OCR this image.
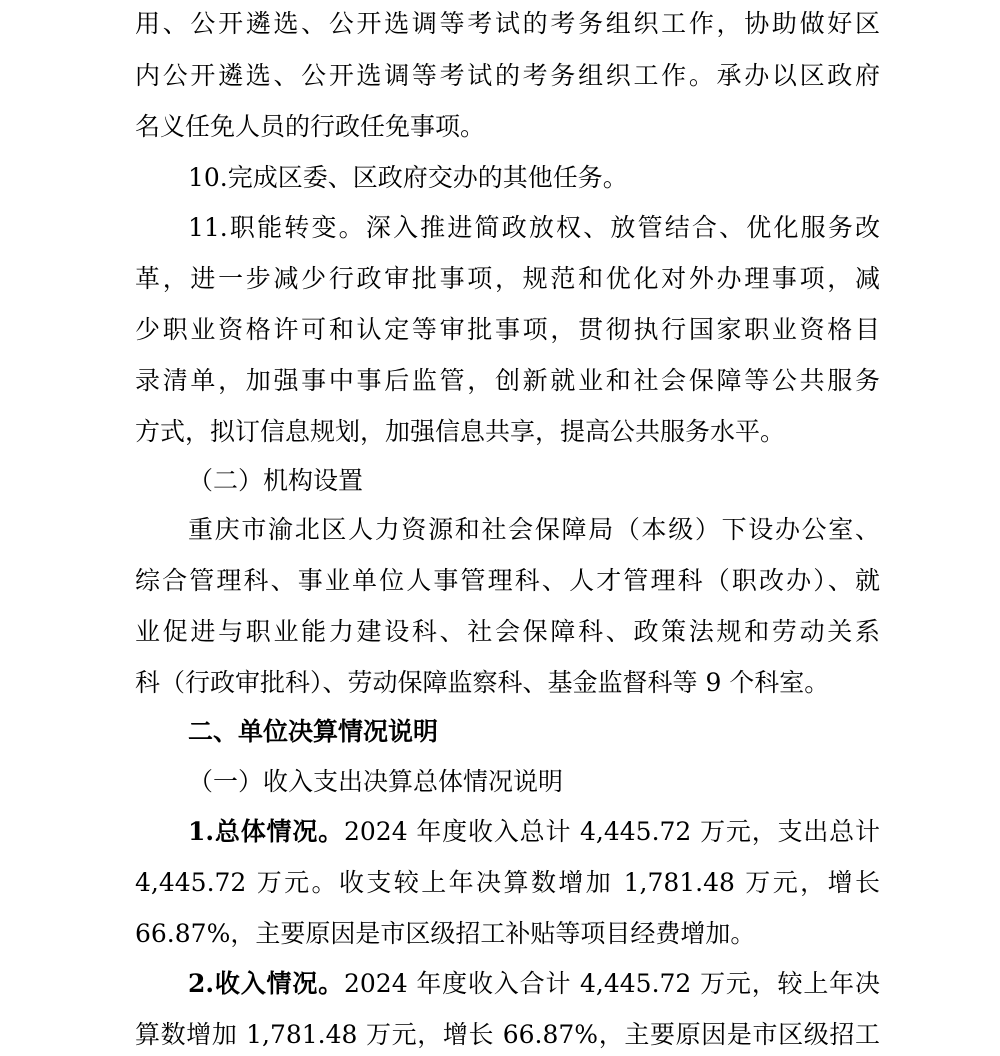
用、公开遴选、公开选调等考试的考务组织工作，协助做好区
内公开遴选、公开选调等考试的考务组织工作。承办以区政府
名义任免人员的行政任免事项。
10.完成区委、区政府交办的其他任务。
11.职能转变。深入推进简政放权、放管结合、优化服务改
革，进一步减少行政审批事项，规范和优化对外办理事项，减
少职业资格许可和认定等审批事项，贯彻执行国家职业资格目
录清单，加强事中事后监管，创新就业和社会保障等公共服务
方式，拟订信息规划，加强信息共享，提高公共服务水平。
（二）机构设置
重庆市渝北区人力资源和社会保障局（本级）下设办公室、
综合管理科、事业单位人事管理科、人才管理科（职改办）、就
业促进与职业能力建设科、社会保障科、政策法规和劳动关系
科（行政审批科）、劳动保障监察科、基金监督科等 9 个科室。
二、单位决算情况说明
（一）收入支出决算总体情况说明
1.总体情况。2024 年度收入总计 4,445.72 万元，支出总计
4,445.72 万元。收支较上年决算数增加 1,781.48 万元，增长
66.87%，主要原因是市区级招工补贴等项目经费增加。
2.收入情况。2024 年度收入合计 4,445.72 万元，较上年决
算数增加 1,781.48 万元，增长 66.87%，主要原因是市区级招工
